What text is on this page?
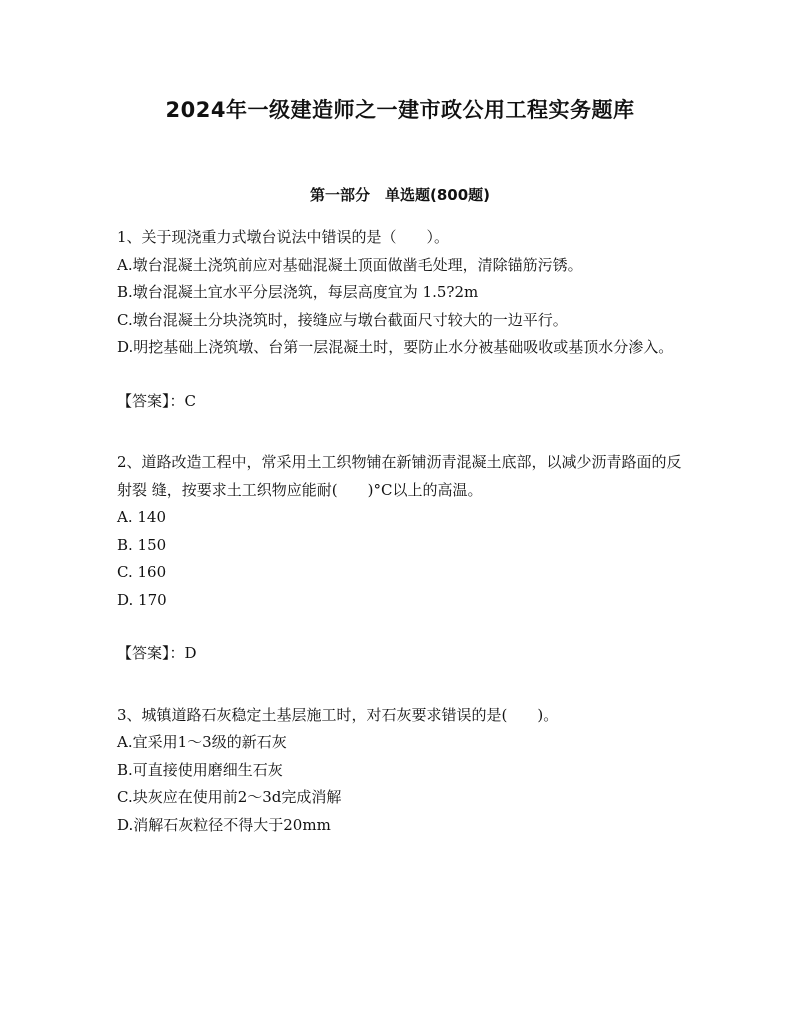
2024年一级建造师之一建市政公用工程实务题库
第一部分　单选题(800题)

1、关于现浇重力式墩台说法中错误的是（　　）。

A.墩台混凝土浇筑前应对基础混凝土顶面做凿毛处理，清除锚筋污锈。

B.墩台混凝土宜水平分层浇筑，每层高度宜为 1.5?2m

C.墩台混凝土分块浇筑时，接缝应与墩台截面尺寸较大的一边平行。

D.明挖基础上浇筑墩、台第一层混凝土时，要防止水分被基础吸收或基顶水分渗入。

【答案】：C

2、道路改造工程中，常采用土工织物铺在新铺沥青混凝土底部，以减少沥青路面的反射裂 缝，按要求土工织物应能耐(　　)°C以上的高温。

A. 140

B. 150

C. 160

D. 170

【答案】：D

3、城镇道路石灰稳定土基层施工时，对石灰要求错误的是(　　)。

A.宜采用1～3级的新石灰

B.可直接使用磨细生石灰

C.块灰应在使用前2～3d完成消解

D.消解石灰粒径不得大于20mm
